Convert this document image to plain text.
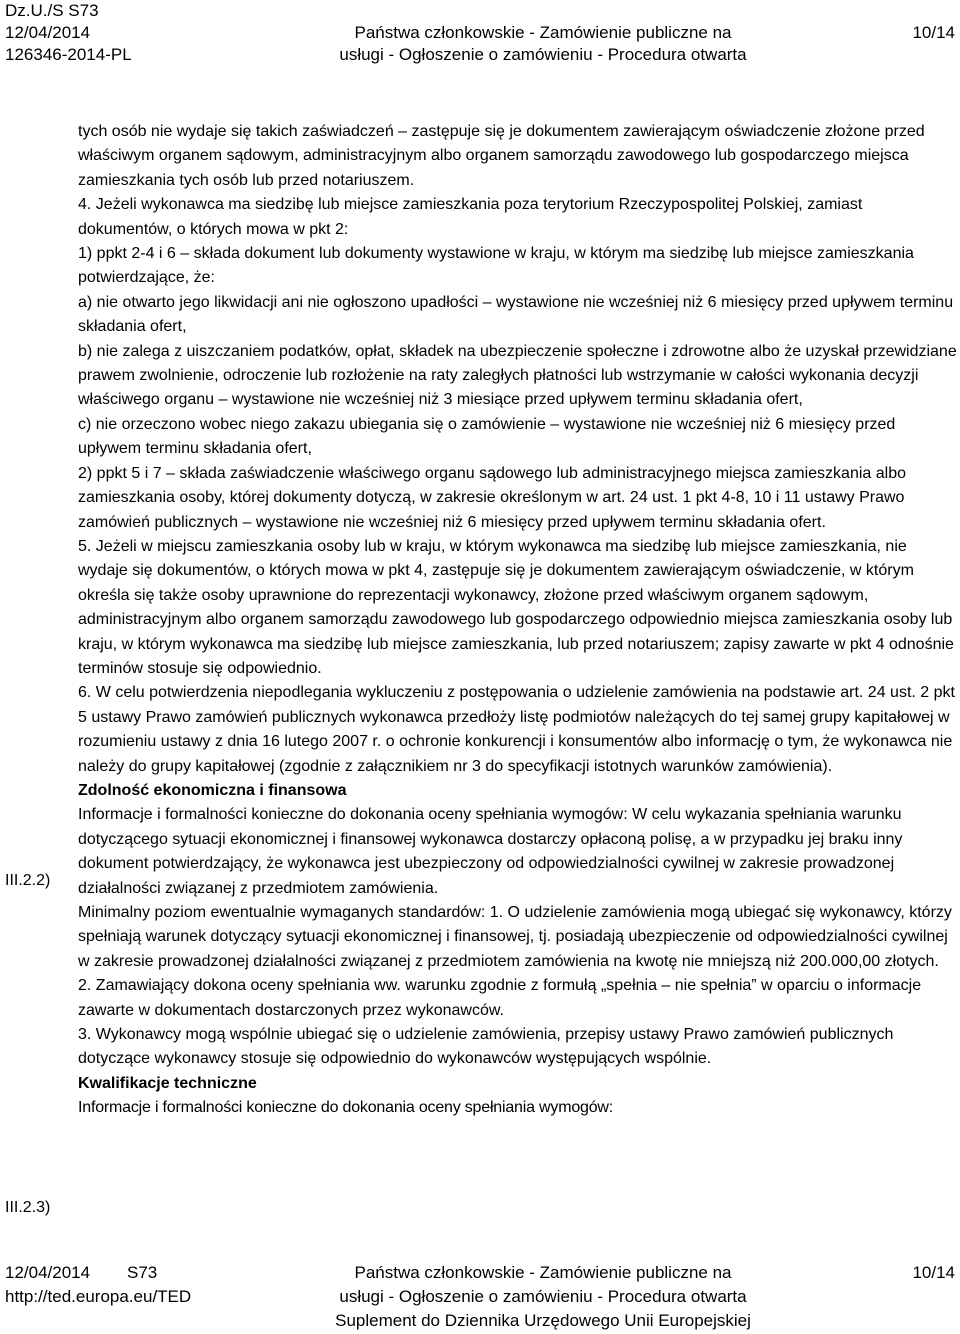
Dz.U./S S73
12/04/2014
126346-2014-PL
Państwa członkowskie - Zamówienie publiczne na
usługi - Ogłoszenie o zamówieniu - Procedura otwarta
10/14
III.2.2)
III.2.3)

tych osób nie wydaje się takich zaświadczeń – zastępuje się je dokumentem zawierającym oświadczenie złożone przed właściwym organem sądowym, administracyjnym albo organem samorządu zawodowego lub gospodarczego miejsca zamieszkania tych osób lub przed notariuszem.

4. Jeżeli wykonawca ma siedzibę lub miejsce zamieszkania poza terytorium Rzeczypospolitej Polskiej, zamiast dokumentów, o których mowa w pkt 2:

1) ppkt 2-4 i 6 – składa dokument lub dokumenty wystawione w kraju, w którym ma siedzibę lub miejsce zamieszkania potwierdzające, że:

a) nie otwarto jego likwidacji ani nie ogłoszono upadłości – wystawione nie wcześniej niż 6 miesięcy przed upływem terminu składania ofert,

b) nie zalega z uiszczaniem podatków, opłat, składek na ubezpieczenie społeczne i zdrowotne albo że uzyskał przewidziane prawem zwolnienie, odroczenie lub rozłożenie na raty zaległych płatności lub wstrzymanie w całości wykonania decyzji właściwego organu – wystawione nie wcześniej niż 3 miesiące przed upływem terminu składania ofert,

c) nie orzeczono wobec niego zakazu ubiegania się o zamówienie – wystawione nie wcześniej niż 6 miesięcy przed upływem terminu składania ofert,

2) ppkt 5 i 7 – składa zaświadczenie właściwego organu sądowego lub administracyjnego miejsca zamieszkania albo zamieszkania osoby, której dokumenty dotyczą, w zakresie określonym w art. 24 ust. 1 pkt 4-8, 10 i 11 ustawy Prawo zamówień publicznych – wystawione nie wcześniej niż 6 miesięcy przed upływem terminu składania ofert.

5. Jeżeli w miejscu zamieszkania osoby lub w kraju, w którym wykonawca ma siedzibę lub miejsce zamieszkania, nie wydaje się dokumentów, o których mowa w pkt 4, zastępuje się je dokumentem zawierającym oświadczenie, w którym określa się także osoby uprawnione do reprezentacji wykonawcy, złożone przed właściwym organem sądowym, administracyjnym albo organem samorządu zawodowego lub gospodarczego odpowiednio miejsca zamieszkania osoby lub kraju, w którym wykonawca ma siedzibę lub miejsce zamieszkania, lub przed notariuszem; zapisy zawarte w pkt 4 odnośnie terminów stosuje się odpowiednio.

6. W celu potwierdzenia niepodlegania wykluczeniu z postępowania o udzielenie zamówienia na podstawie art. 24 ust. 2 pkt 5 ustawy Prawo zamówień publicznych wykonawca przedłoży listę podmiotów należących do tej samej grupy kapitałowej w rozumieniu ustawy z dnia 16 lutego 2007 r. o ochronie konkurencji i konsumentów albo informację o tym, że wykonawca nie należy do grupy kapitałowej (zgodnie z załącznikiem nr 3 do specyfikacji istotnych warunków zamówienia).

Zdolność ekonomiczna i finansowa

Informacje i formalności konieczne do dokonania oceny spełniania wymogów: W celu wykazania spełniania warunku dotyczącego sytuacji ekonomicznej i finansowej wykonawca dostarczy opłaconą polisę, a w przypadku jej braku inny dokument potwierdzający, że wykonawca jest ubezpieczony od odpowiedzialności cywilnej w zakresie prowadzonej działalności związanej z przedmiotem zamówienia.

Minimalny poziom ewentualnie wymaganych standardów: 1. O udzielenie zamówienia mogą ubiegać się wykonawcy, którzy spełniają warunek dotyczący sytuacji ekonomicznej i finansowej, tj. posiadają ubezpieczenie od odpowiedzialności cywilnej w zakresie prowadzonej działalności związanej z przedmiotem zamówienia na kwotę nie mniejszą niż 200.000,00 złotych.

2. Zamawiający dokona oceny spełniania ww. warunku zgodnie z formułą „spełnia – nie spełnia” w oparciu o informacje zawarte w dokumentach dostarczonych przez wykonawców.

3. Wykonawcy mogą wspólnie ubiegać się o udzielenie zamówienia, przepisy ustawy Prawo zamówień publicznych dotyczące wykonawcy stosuje się odpowiednio do wykonawców występujących wspólnie.

Kwalifikacje techniczne

Informacje i formalności konieczne do dokonania oceny spełniania wymogów:

12/04/2014 S73
http://ted.europa.eu/TED
Państwa członkowskie - Zamówienie publiczne na
usługi - Ogłoszenie o zamówieniu - Procedura otwarta
Suplement do Dziennika Urzędowego Unii Europejskiej
10/14
